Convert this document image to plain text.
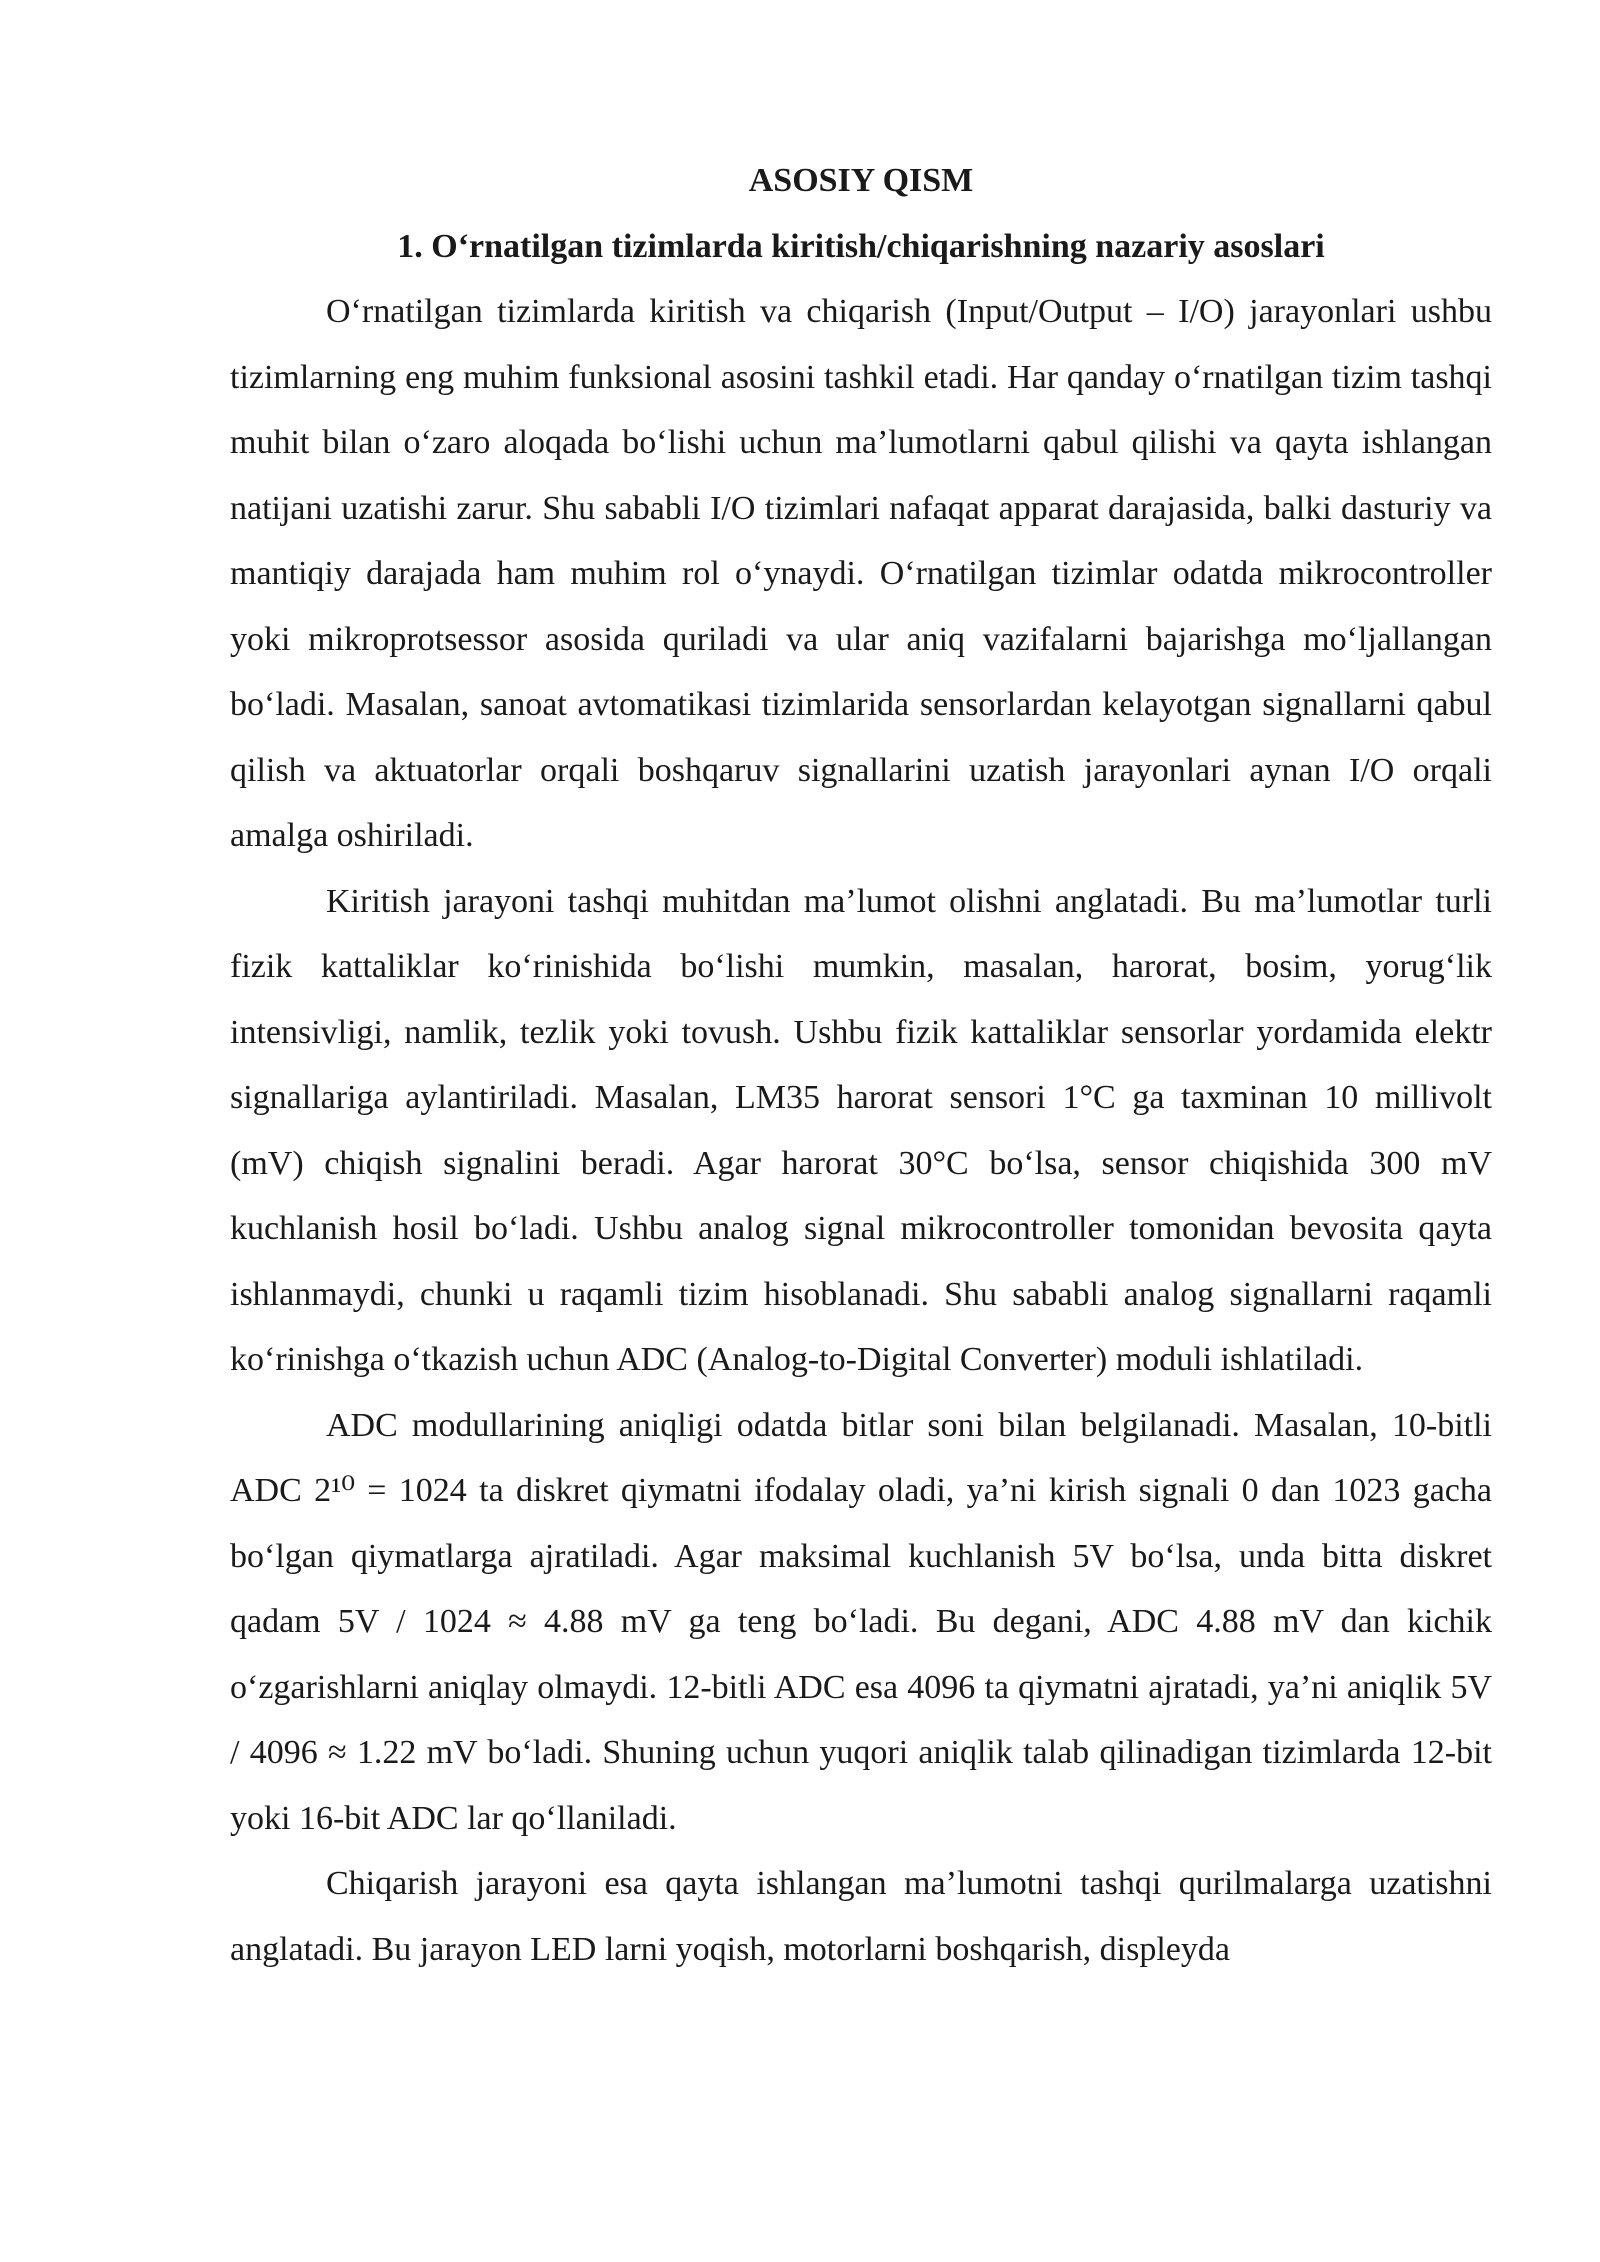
ASOSIY QISM

1. O‘rnatilgan tizimlarda kiritish/chiqarishning nazariy asoslari

O‘rnatilgan tizimlarda kiritish va chiqarish (Input/Output – I/O) jarayonlari ushbu tizimlarning eng muhim funksional asosini tashkil etadi. Har qanday o‘rnatilgan tizim tashqi muhit bilan o‘zaro aloqada bo‘lishi uchun ma’lumotlarni qabul qilishi va qayta ishlangan natijani uzatishi zarur. Shu sababli I/O tizimlari nafaqat apparat darajasida, balki dasturiy va mantiqiy darajada ham muhim rol o‘ynaydi. O‘rnatilgan tizimlar odatda mikrocontroller yoki mikroprotsessor asosida quriladi va ular aniq vazifalarni bajarishga mo‘ljallangan bo‘ladi. Masalan, sanoat avtomatikasi tizimlarida sensorlardan kelayotgan signallarni qabul qilish va aktuatorlar orqali boshqaruv signallarini uzatish jarayonlari aynan I/O orqali amalga oshiriladi.

Kiritish jarayoni tashqi muhitdan ma’lumot olishni anglatadi. Bu ma’lumotlar turli fizik kattaliklar ko‘rinishida bo‘lishi mumkin, masalan, harorat, bosim, yorug‘lik intensivligi, namlik, tezlik yoki tovush. Ushbu fizik kattaliklar sensorlar yordamida elektr signallariga aylantiriladi. Masalan, LM35 harorat sensori 1°C ga taxminan 10 millivolt (mV) chiqish signalini beradi. Agar harorat 30°C bo‘lsa, sensor chiqishida 300 mV kuchlanish hosil bo‘ladi. Ushbu analog signal mikrocontroller tomonidan bevosita qayta ishlanmaydi, chunki u raqamli tizim hisoblanadi. Shu sababli analog signallarni raqamli ko‘rinishga o‘tkazish uchun ADC (Analog-to-Digital Converter) moduli ishlatiladi.

ADC modullarining aniqligi odatda bitlar soni bilan belgilanadi. Masalan, 10-bitli ADC 2¹⁰ = 1024 ta diskret qiymatni ifodalay oladi, ya’ni kirish signali 0 dan 1023 gacha bo‘lgan qiymatlarga ajratiladi. Agar maksimal kuchlanish 5V bo‘lsa, unda bitta diskret qadam 5V / 1024 ≈ 4.88 mV ga teng bo‘ladi. Bu degani, ADC 4.88 mV dan kichik o‘zgarishlarni aniqlay olmaydi. 12-bitli ADC esa 4096 ta qiymatni ajratadi, ya’ni aniqlik 5V / 4096 ≈ 1.22 mV bo‘ladi. Shuning uchun yuqori aniqlik talab qilinadigan tizimlarda 12-bit yoki 16-bit ADC lar qo‘llaniladi.

Chiqarish jarayoni esa qayta ishlangan ma’lumotni tashqi qurilmalarga uzatishni anglatadi. Bu jarayon LED larni yoqish, motorlarni boshqarish, displeyda
